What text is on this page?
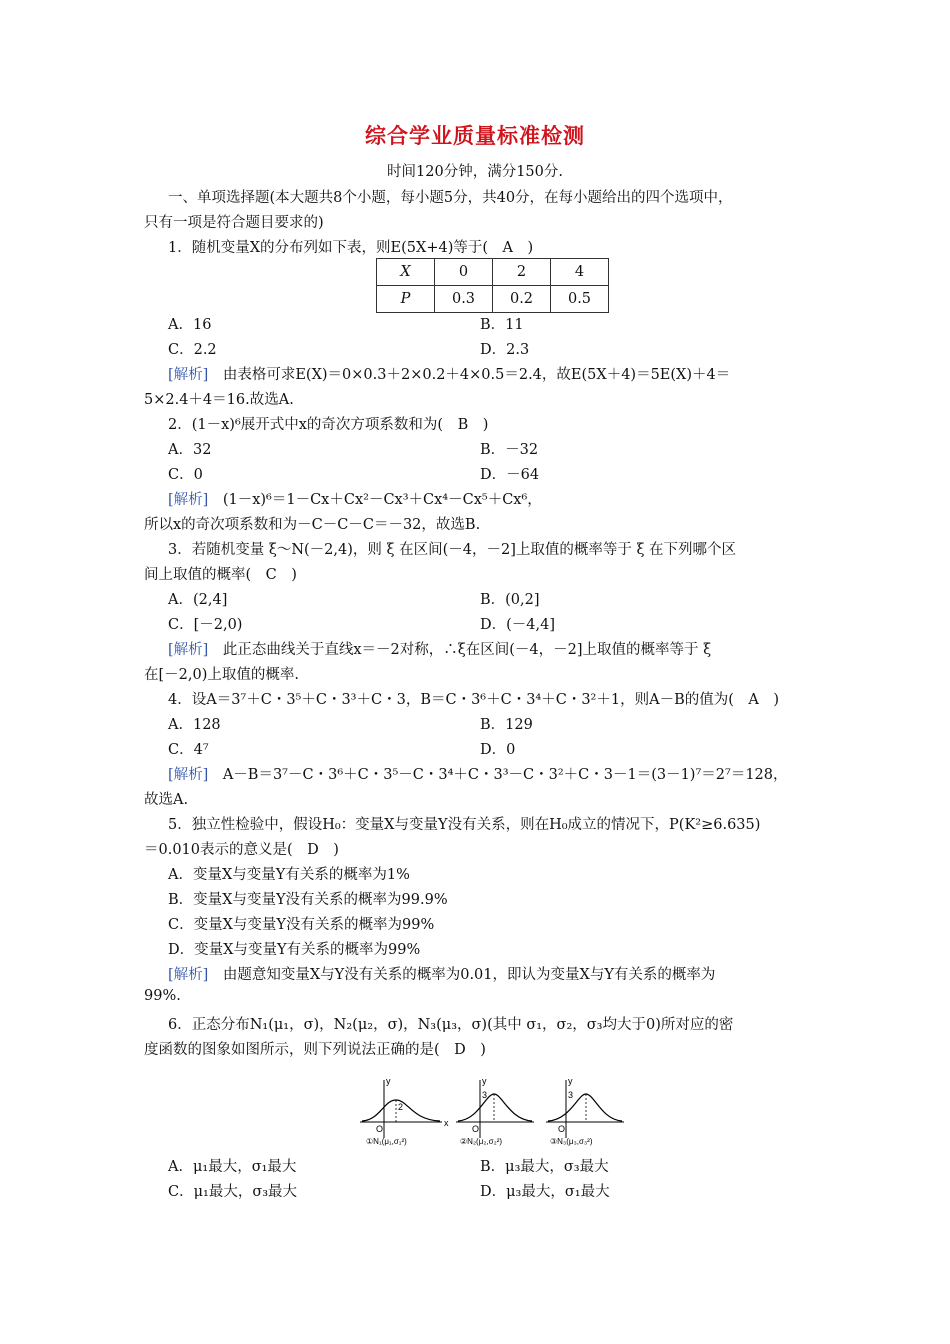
综合学业质量标准检测
时间120分钟，满分150分.
一、单项选择题(本大题共8个小题，每小题5分，共40分，在每小题给出的四个选项中，
只有一项是符合题目要求的)
1．随机变量X的分布列如下表，则E(5X+4)等于(　A　)
X	0	2	4
P	0.3	0.2	0.5
A．16	B．11
C．2.2	D．2.3
[解析]　由表格可求E(X)＝0×0.3＋2×0.2＋4×0.5＝2.4，故E(5X＋4)＝5E(X)＋4＝
5×2.4＋4＝16.故选A.
2．(1－x)⁶展开式中x的奇次方项系数和为(　B　)
A．32	B．－32
C．0	D．－64
[解析]　(1－x)⁶＝1－Cx＋Cx²－Cx³＋Cx⁴－Cx⁵＋Cx⁶，
所以x的奇次项系数和为－C－C－C＝－32，故选B.
3．若随机变量 ξ～N(－2,4)，则 ξ 在区间(－4，－2]上取值的概率等于 ξ 在下列哪个区
间上取值的概率(　C　)
A．(2,4]	B．(0,2]
C．[－2,0)	D．(－4,4]
[解析]　此正态曲线关于直线x＝－2对称，∴ξ在区间(－4，－2]上取值的概率等于 ξ
在[－2,0)上取值的概率.
4．设A＝3⁷＋C・3⁵＋C・3³＋C・3，B＝C・3⁶＋C・3⁴＋C・3²＋1，则A－B的值为(　A　)
A．128	B．129
C．4⁷	D．0
[解析]　A－B＝3⁷－C・3⁶＋C・3⁵－C・3⁴＋C・3³－C・3²＋C・3－1＝(3－1)⁷＝2⁷＝128，
故选A.
5．独立性检验中，假设H₀：变量X与变量Y没有关系，则在H₀成立的情况下，P(K²≥6.635)
＝0.010表示的意义是(　D　)
A．变量X与变量Y有关系的概率为1%
B．变量X与变量Y没有关系的概率为99.9%
C．变量X与变量Y没有关系的概率为99%
D．变量X与变量Y有关系的概率为99%
[解析]　由题意知变量X与Y没有关系的概率为0.01，即认为变量X与Y有关系的概率为
99%.
6．正态分布N₁(μ₁，σ)，N₂(μ₂，σ)，N₃(μ₃，σ)(其中 σ₁，σ₂，σ₃均大于0)所对应的密
度函数的图象如图所示，则下列说法正确的是(　D　)
y
x
2
O
①N₁(μ₁,σ₁²)
y
3
O
②N₂(μ₂,σ₂²)
y
3
O
③N₃(μ₃,σ₃²)
A．μ₁最大，σ₁最大	B．μ₃最大，σ₃最大
C．μ₁最大，σ₃最大	D．μ₃最大，σ₁最大
